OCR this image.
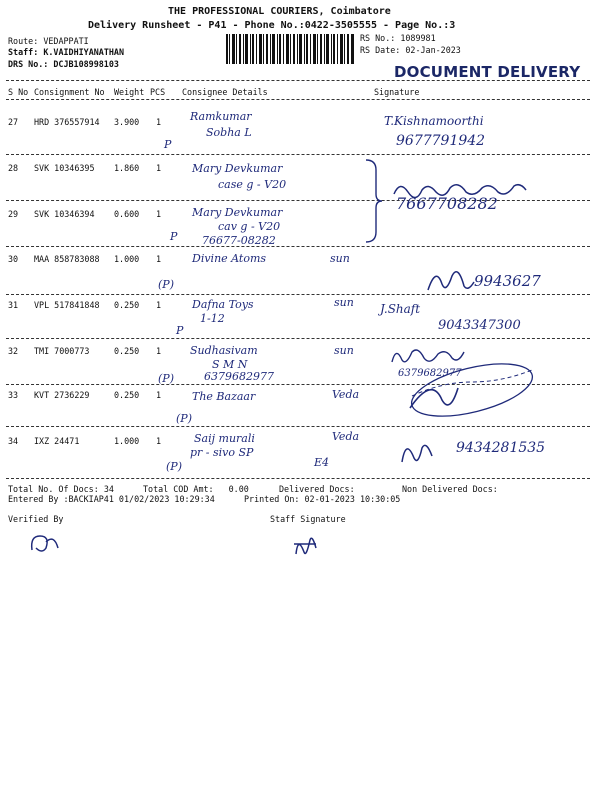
THE PROFESSIONAL COURIERS, Coimbatore
Delivery Runsheet - P41 - Phone No.:0422-3505555 - Page No.:3
Route: VEDAPPATI
Staff: K.VAIDHIYANATHAN
DRS No.: DCJB108998103
RS No.: 1089981
RS Date: 02-Jan-2023
DOCUMENT DELIVERY
S No Consignment No Weight PCS Consignee Details	Signature
27 HRD 376557914 3.900 1	Ramkumar
Sobha L
P
T.Kishnamoorthi
9677791942
28 SVK 10346395 1.860 1	Mary Devkumar
case g - V20
29 SVK 10346394 0.600 1	Mary Devkumar
cav g - V20
76677-08282
P
7667708282
30 MAA 858783088 1.000 1	Divine Atoms	sun
(P)	9943627
31 VPL 517841848 0.250 1	Dafna Toys	sun
1-12
P
J.Shaft
9043347300
32 TMI 7000773	0.250 1	Sudhasivam	sun
S M N
6379682977
(P)	6379682977
33 KVT 2736229	0.250 1	The Bazaar	Veda
(P)
34 IXZ 24471	1.000 1	Saij murali	Veda
pr - sivo SP
E4
(P)
9434281535
Total No. Of Docs: 34	Total COD Amt: 0.00	Delivered Docs:	Non Delivered Docs:
Entered By :BACKIAP41 01/02/2023 10:29:34	Printed On: 02-01-2023 10:30:05
Verified By	Staff Signature
